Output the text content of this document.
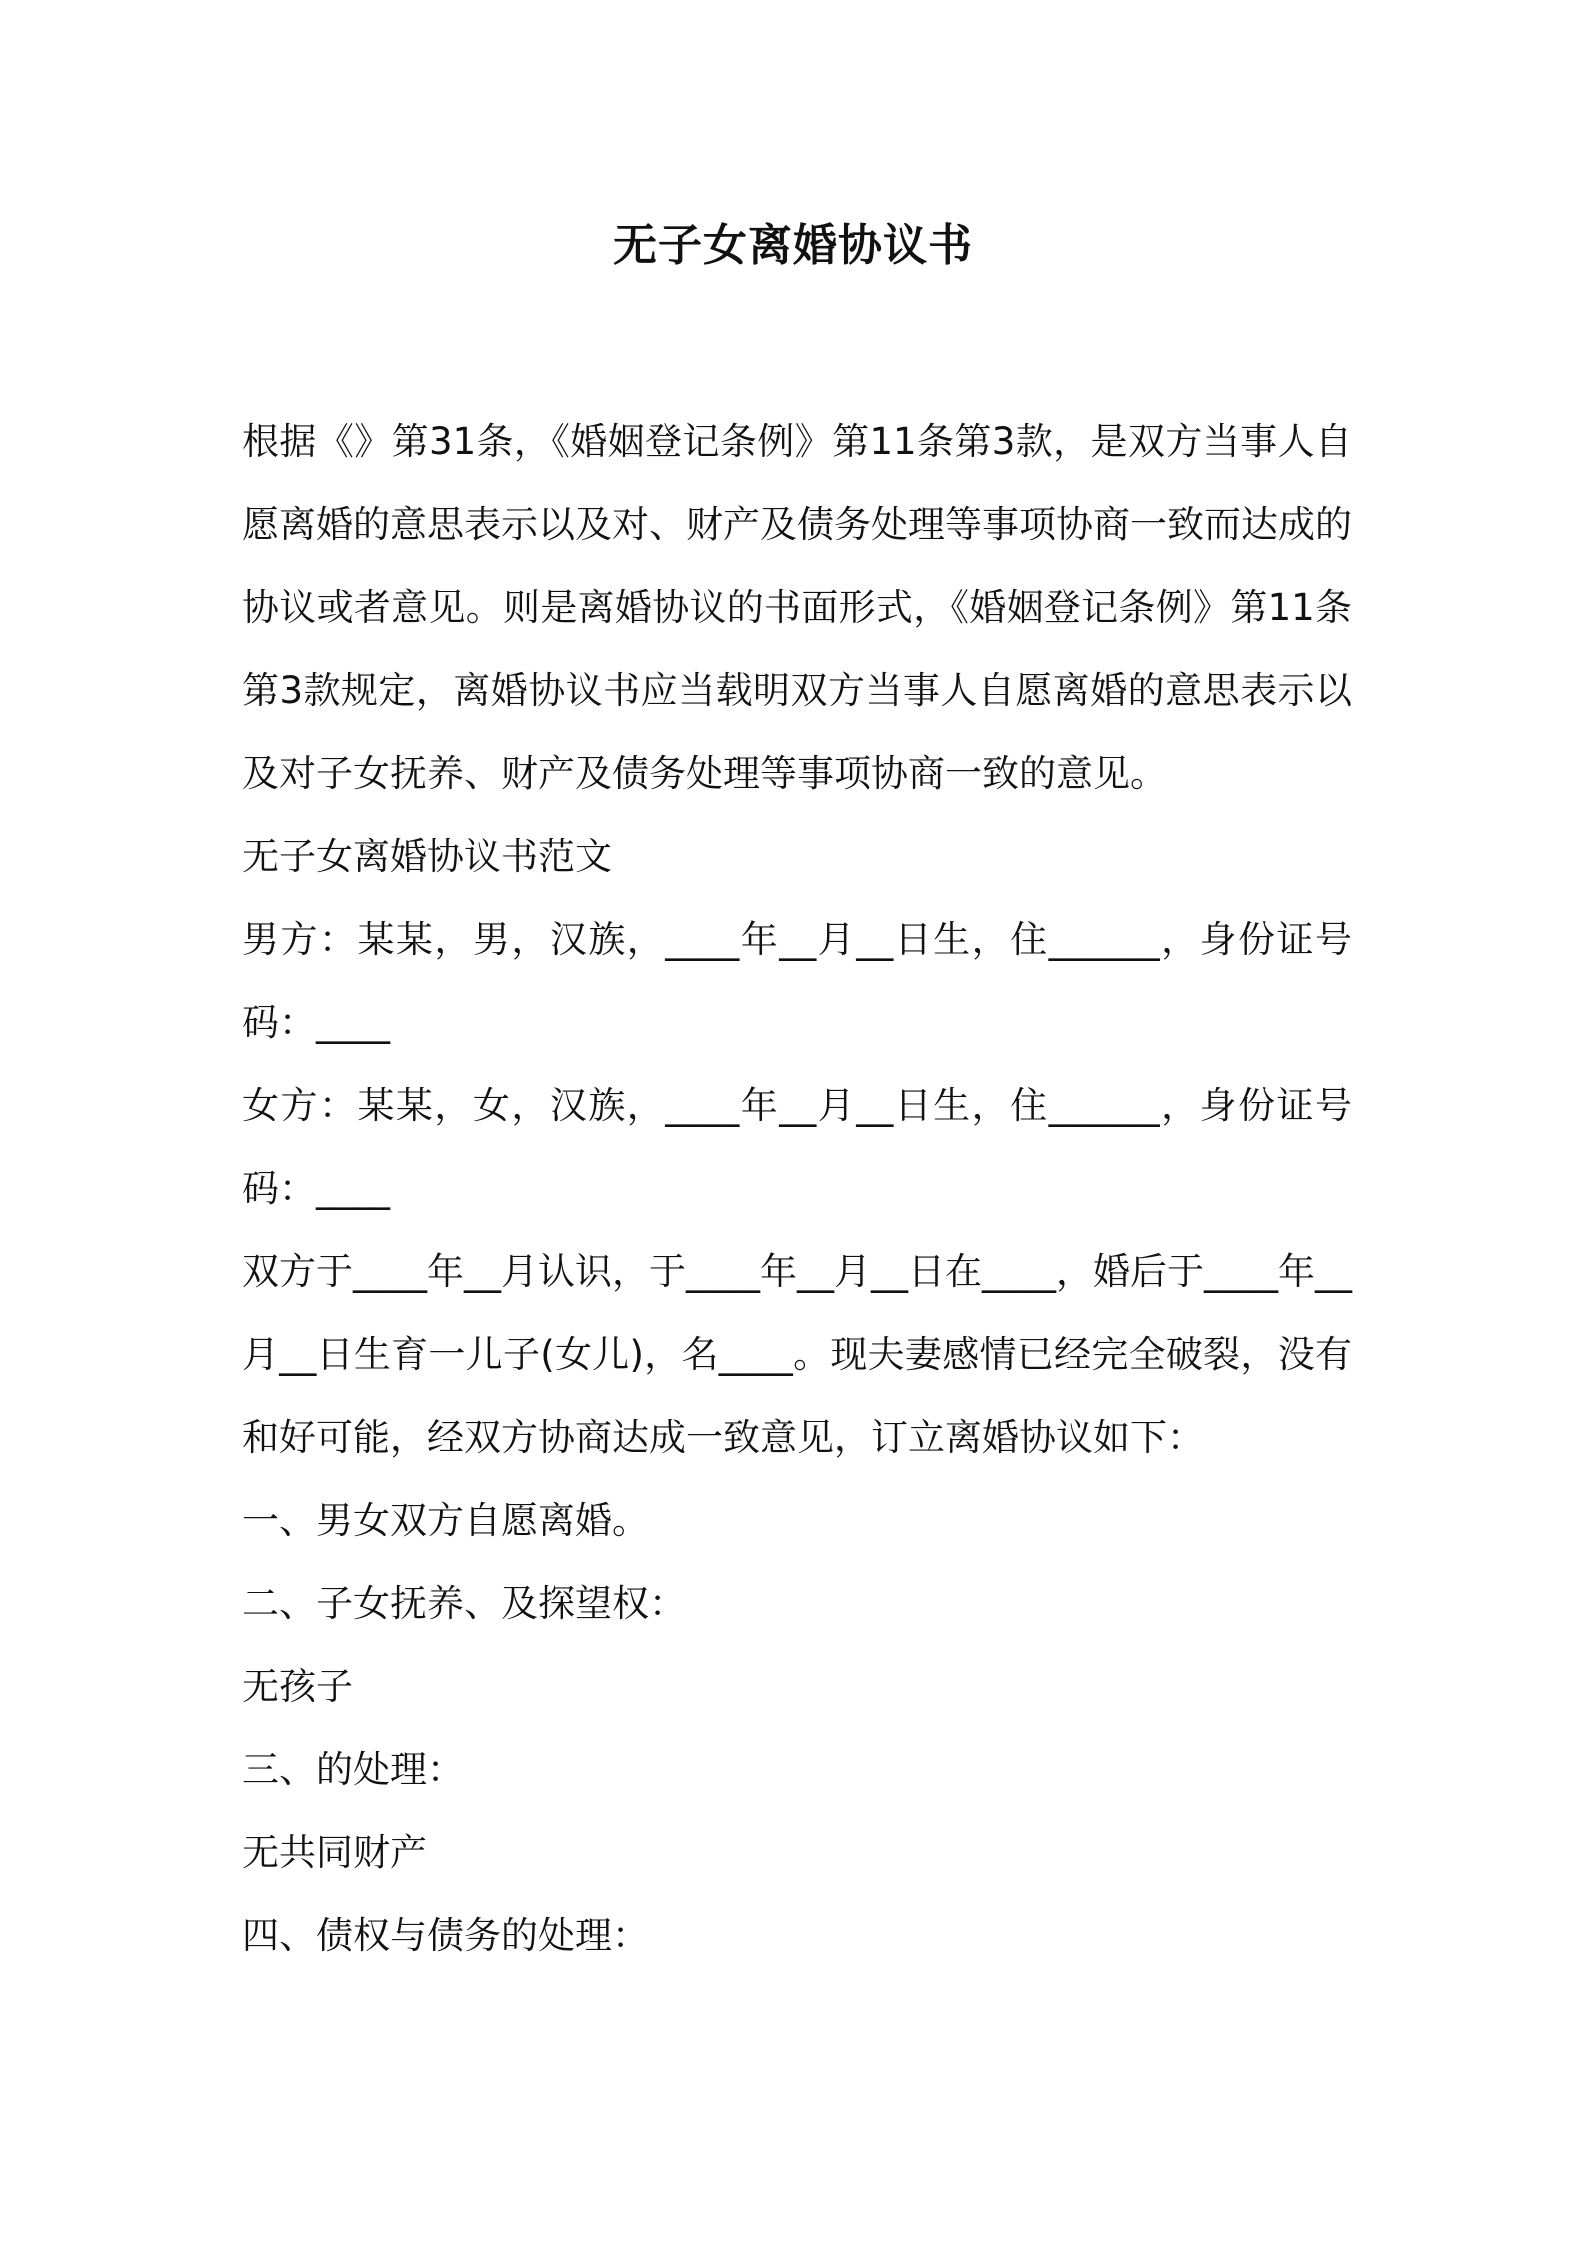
无子女离婚协议书

根据《》第31条，《婚姻登记条例》第11条第3款，是双方当事人自愿离婚的意思表示以及对、财产及债务处理等事项协商一致而达成的协议或者意见。则是离婚协议的书面形式，《婚姻登记条例》第11条第3款规定，离婚协议书应当载明双方当事人自愿离婚的意思表示以及对子女抚养、财产及债务处理等事项协商一致的意见。

无子女离婚协议书范文

男方：某某，男，汉族，____年__月__日生，住______，身份证号码：____

女方：某某，女，汉族，____年__月__日生，住______，身份证号码：____

双方于____年__月认识，于____年__月__日在____，婚后于____年__月__日生育一儿子(女儿)，名____。现夫妻感情已经完全破裂，没有和好可能，经双方协商达成一致意见，订立离婚协议如下：

一、男女双方自愿离婚。

二、子女抚养、及探望权：

无孩子

三、的处理：

无共同财产

四、债权与债务的处理：
